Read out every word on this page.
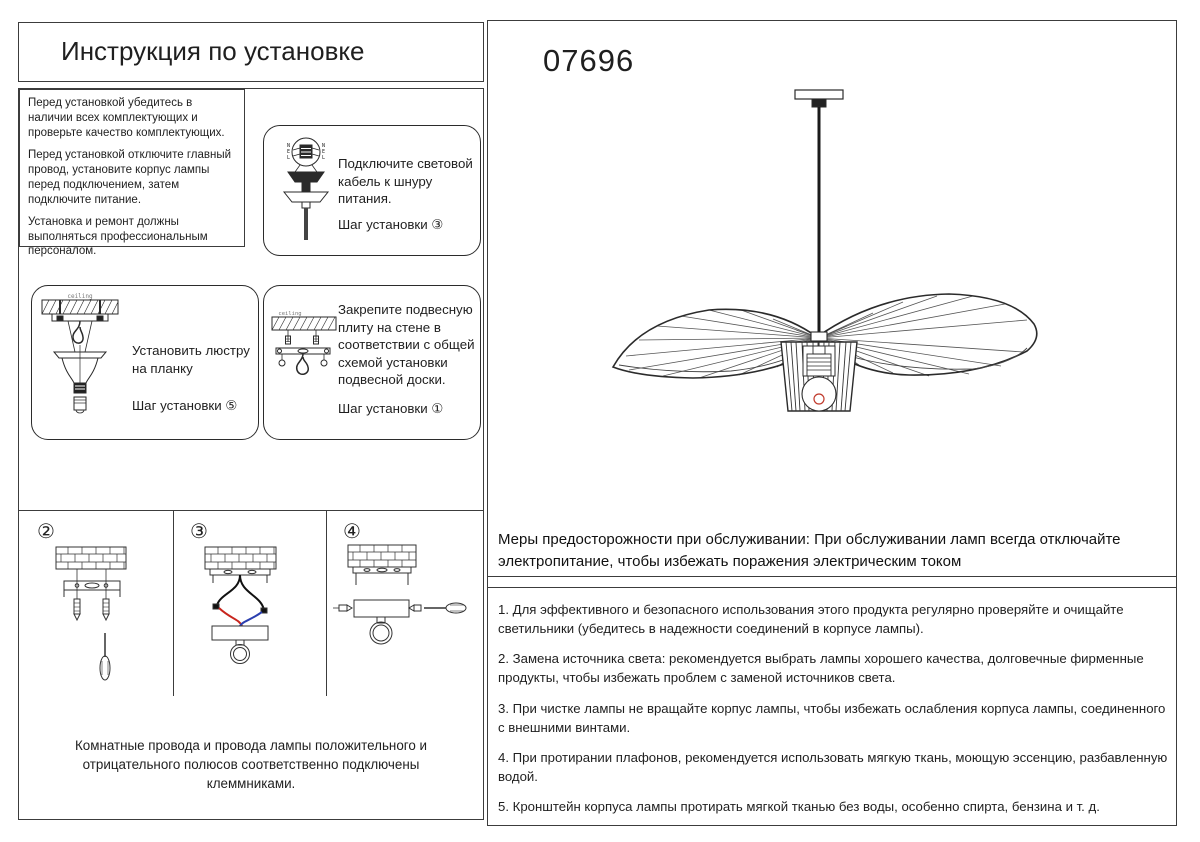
Инструкция по установке

Перед установкой убедитесь в наличии всех комплектующих и проверьте качество комплектующих.

Перед установкой отключите главный провод, установите корпус лампы перед подключением, затем подключите питание.

Установка и ремонт должны выполняться профессиональным персоналом.

N
E
L
N
E
L Подключите световой кабель к шнуру питания.
Шаг установки ③
ceiling
Установить люстру на планку
Шаг установки ⑤
ceiling	Закрепите подвесную плиту на стене в соответствии с общей схемой установки подвесной доски.
Шаг установки ①
②	③	④
Комнатные провода и провода лампы положительного и отрицательного полюсов соответственно подключены клеммниками.
07696
Меры предосторожности при обслуживании: При обслуживании ламп всегда отключайте электропитание, чтобы избежать поражения электрическим током
1. Для эффективного и безопасного использования этого продукта регулярно проверяйте и очищайте светильники (убедитесь в надежности соединений в корпусе лампы).
2. Замена источника света: рекомендуется выбрать лампы хорошего качества, долговечные фирменные продукты, чтобы избежать проблем с заменой источников света.
3. При чистке лампы не вращайте корпус лампы, чтобы избежать ослабления корпуса лампы, соединенного с внешними винтами.
4. При протирании плафонов, рекомендуется использовать мягкую ткань, моющую эссенцию, разбавленную водой.
5. Кронштейн корпуса лампы протирать мягкой тканью без воды, особенно спирта, бензина и т. д.
